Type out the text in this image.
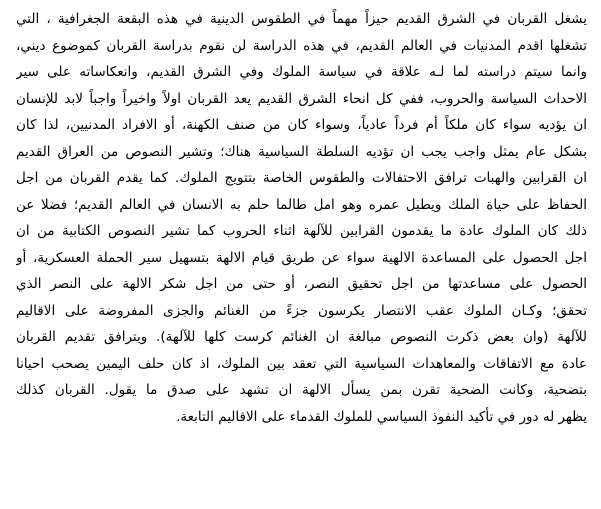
يشغل القربان في الشرق القديم حيزاً مهماً في الطقوس الدينية في هذه البقعة الجغرافية ، التي
تشغلها اقدم المدنيات في العالم القديم، في هذه الدراسة لن نقوم بدراسة القربان كموضوع ديني،
وانما سيتم دراسته لما لـه علاقة في سياسة الملوك وفي الشرق القديم، وانعكاساته على سير
الاحداث السياسة والحروب، ففي كل انحاء الشرق القديم يعد القربان اولاً واخيراً واجباً لابد للإنسان
ان يؤديه سواء كان ملكاً أم فرداً عادياً، وسواء كان من صنف الكهنة، أو الافراد المدنيين، لذا كان
بشكل عام يمثل واجب يجب ان تؤديه السلطة السياسية هناك؛ وتشير النصوص من العراق القديم
ان القرابين والهبات ترافق الاحتفالات والطقوس الخاصة بتتويج الملوك. كما يقدم القربان من اجل
الحفاظ على حياة الملك ويطيل عمره وهو امل طالما حلم به الانسان في العالم القديم؛ فضلا عن
ذلك كان الملوك عادة ما يقدمون القرابين للآلهة اثناء الحروب كما تشير النصوص الكتابية من ان
اجل الحصول على المساعدة الالهية سواء عن طريق قيام الالهة بتسهيل سير الحملة العسكرية، أو
الحصول على مساعدتها من اجل تحقيق النصر، أو حتى من اجل شكر الالهة على النصر الذي
تحقق؛ وكـان الملوك عقب الانتصار يكرسون جزءً من الغنائم والجزى المفروضة على الاقاليم
للآلهة (وان بعض ذكرت النصوص مبالغة ان الغنائم كرست كلها للآلهة). ويترافق تقديم القربان
عادة مع الاتفاقات والمعاهدات السياسية التي تعقد بين الملوك، اذ كان حلف اليمين يصحب احيانا
بتضحية، وكانت الضحية تقرن بمن يسأل الالهة ان تشهد على صدق ما يقول. القربان كذلك
يظهر له دور في تأكيد النفوذ السياسي للملوك القدماء على الاقاليم التابعة.
